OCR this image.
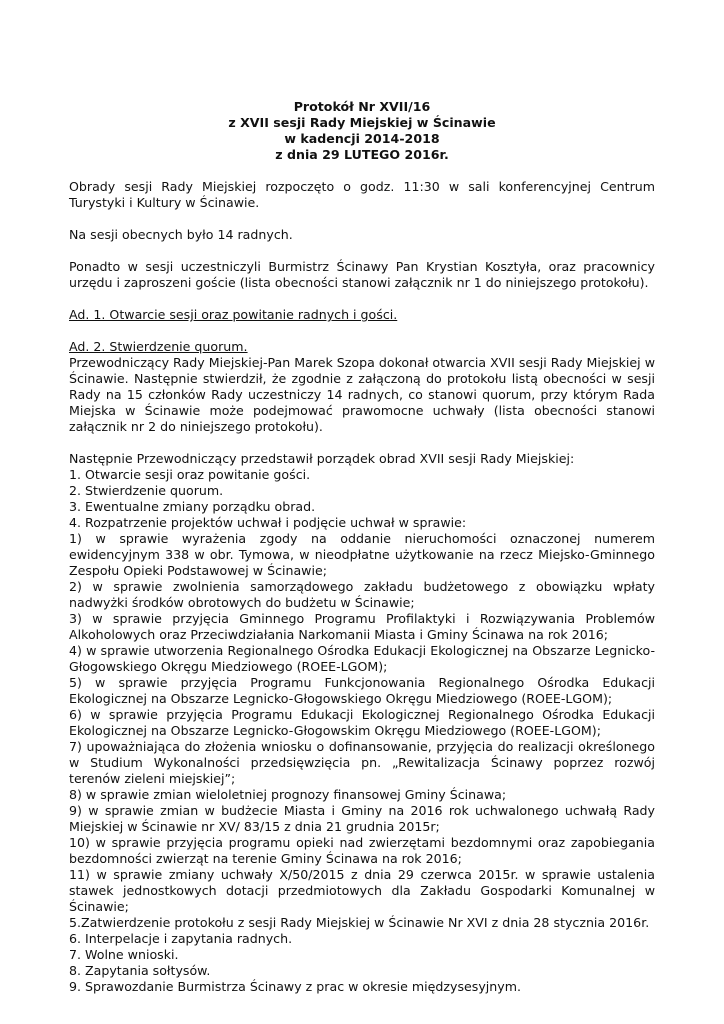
Protokół Nr XVII/16
z XVII sesji Rady Miejskiej w Ścinawie
w kadencji 2014-2018
z dnia 29 LUTEGO 2016r.
Obrady sesji Rady Miejskiej rozpoczęto o godz. 11:30 w sali konferencyjnej Centrum Turystyki i Kultury w Ścinawie.
Na sesji obecnych było 14 radnych.
Ponadto w sesji uczestniczyli Burmistrz Ścinawy Pan Krystian Kosztyła, oraz pracownicy urzędu i zaproszeni goście (lista obecności stanowi załącznik nr 1 do niniejszego protokołu).
Ad. 1. Otwarcie sesji oraz powitanie radnych i gości.
Ad. 2. Stwierdzenie quorum.
Przewodniczący Rady Miejskiej-Pan Marek Szopa dokonał otwarcia XVII sesji Rady Miejskiej w Ścinawie. Następnie stwierdził, że zgodnie z załączoną do protokołu listą obecności w sesji Rady na 15 członków Rady uczestniczy 14 radnych, co stanowi quorum, przy którym Rada Miejska w Ścinawie może podejmować prawomocne uchwały (lista obecności stanowi załącznik nr 2 do niniejszego protokołu).
Następnie Przewodniczący przedstawił porządek obrad XVII sesji Rady Miejskiej:
1. Otwarcie sesji oraz powitanie gości.
2. Stwierdzenie quorum.
3. Ewentualne zmiany porządku obrad.
4. Rozpatrzenie projektów uchwał i podjęcie uchwał w sprawie:
1) w sprawie wyrażenia zgody na oddanie nieruchomości oznaczonej numerem ewidencyjnym 338 w obr. Tymowa, w nieodpłatne użytkowanie na rzecz Miejsko-Gminnego Zespołu Opieki Podstawowej w Ścinawie;
2) w sprawie zwolnienia samorządowego zakładu budżetowego z obowiązku wpłaty nadwyżki środków obrotowych do budżetu w Ścinawie;
3) w sprawie przyjęcia Gminnego Programu Profilaktyki i Rozwiązywania Problemów Alkoholowych oraz Przeciwdziałania Narkomanii Miasta i Gminy Ścinawa na rok 2016;
4) w sprawie utworzenia Regionalnego Ośrodka Edukacji Ekologicznej na Obszarze Legnicko-Głogowskiego Okręgu Miedziowego (ROEE-LGOM);
5) w sprawie przyjęcia Programu Funkcjonowania Regionalnego Ośrodka Edukacji Ekologicznej na Obszarze Legnicko-Głogowskiego Okręgu Miedziowego (ROEE-LGOM);
6) w sprawie przyjęcia Programu Edukacji Ekologicznej Regionalnego Ośrodka Edukacji Ekologicznej na Obszarze Legnicko-Głogowskim Okręgu Miedziowego (ROEE-LGOM);
7) upoważniająca do złożenia wniosku o dofinansowanie, przyjęcia do realizacji określonego w Studium Wykonalności przedsięwzięcia pn. „Rewitalizacja Ścinawy poprzez rozwój terenów zieleni miejskiej”;
8) w sprawie zmian wieloletniej prognozy finansowej Gminy Ścinawa;
9) w sprawie zmian w budżecie Miasta i Gminy na 2016 rok uchwalonego uchwałą Rady Miejskiej w Ścinawie nr XV/ 83/15 z dnia 21 grudnia 2015r;
10) w sprawie przyjęcia programu opieki nad zwierzętami bezdomnymi oraz zapobiegania bezdomności zwierząt na terenie Gminy Ścinawa na rok 2016;
11) w sprawie zmiany uchwały X/50/2015 z dnia 29 czerwca 2015r. w sprawie ustalenia stawek jednostkowych dotacji przedmiotowych dla Zakładu Gospodarki Komunalnej w Ścinawie;
5.Zatwierdzenie protokołu z sesji Rady Miejskiej w Ścinawie Nr XVI z dnia 28 stycznia 2016r.
6. Interpelacje i zapytania radnych.
7. Wolne wnioski.
8. Zapytania sołtysów.
9. Sprawozdanie Burmistrza Ścinawy z prac w okresie międzysesyjnym.
